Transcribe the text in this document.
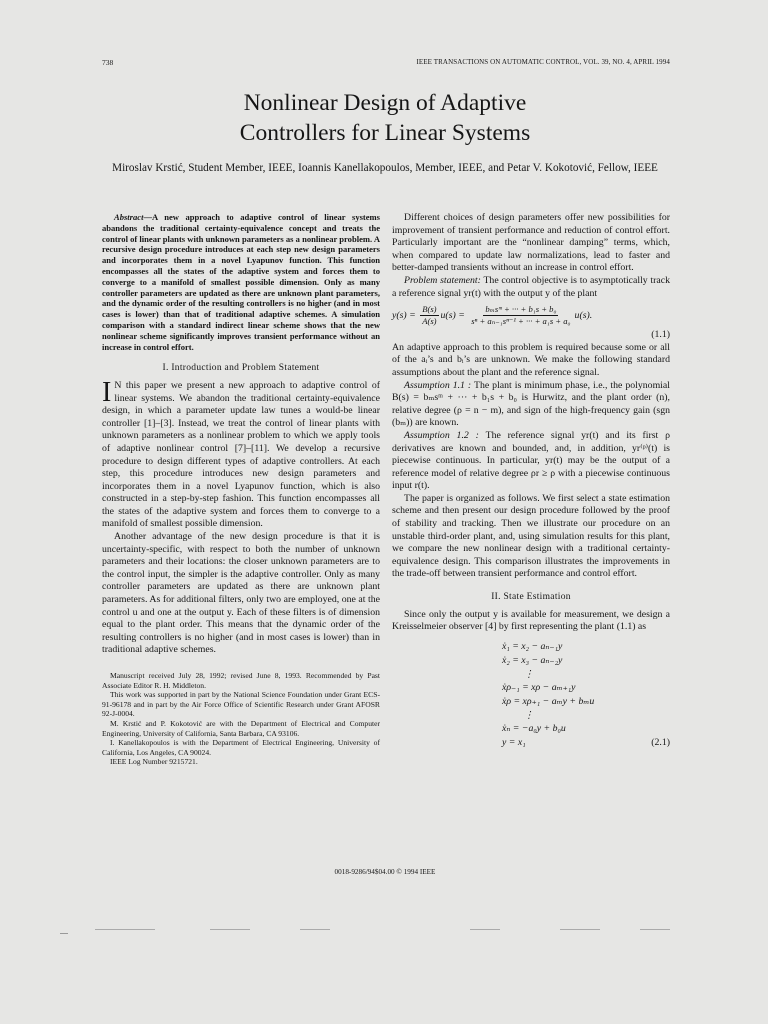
738	IEEE TRANSACTIONS ON AUTOMATIC CONTROL, VOL. 39, NO. 4, APRIL 1994
Nonlinear Design of Adaptive
Controllers for Linear Systems
Miroslav Krstić, Student Member, IEEE, Ioannis Kanellakopoulos, Member, IEEE, and Petar V. Kokotović, Fellow, IEEE

Abstract—A new approach to adaptive control of linear systems abandons the traditional certainty-equivalence concept and treats the control of linear plants with unknown parameters as a nonlinear problem. A recursive design procedure introduces at each step new design parameters and incorporates them in a novel Lyapunov function. This function encompasses all the states of the adaptive system and forces them to converge to a manifold of smallest possible dimension. Only as many controller parameters are updated as there are unknown plant parameters, and the dynamic order of the resulting controllers is no higher (and in most cases is lower) than that of traditional adaptive schemes. A simulation comparison with a standard indirect linear scheme shows that the new nonlinear scheme significantly improves transient performance without an increase in control effort.

I. Introduction and Problem Statement

I N this paper we present a new approach to adaptive control of linear systems. We abandon the traditional certainty-equivalence design, in which a parameter update law tunes a would-be linear controller [1]–[3]. Instead, we treat the control of linear plants with unknown parameters as a nonlinear problem to which we apply tools of adaptive nonlinear control [7]–[11]. We develop a recursive procedure to design different types of adaptive controllers. At each step, this procedure introduces new design parameters and incorporates them in a novel Lyapunov function, which is also constructed in a step-by-step fashion. This function encompasses all the states of the adaptive system and forces them to converge to a manifold of smallest possible dimension.

Another advantage of the new design procedure is that it is uncertainty-specific, with respect to both the number of unknown parameters and their locations: the closer unknown parameters are to the control input, the simpler is the adaptive controller. Only as many controller parameters are updated as there are unknown plant parameters. As for additional filters, only two are employed, one at the control u and one at the output y. Each of these filters is of dimension equal to the plant order. This means that the dynamic order of the resulting controllers is no higher (and in most cases is lower) than in traditional adaptive schemes.

Manuscript received July 28, 1992; revised June 8, 1993. Recommended by Past Associate Editor R. H. Middleton.

This work was supported in part by the National Science Foundation under Grant ECS-91-96178 and in part by the Air Force Office of Scientific Research under Grant AFOSR 92-J-0004.

M. Krstić and P. Kokotović are with the Department of Electrical and Computer Engineering, University of California, Santa Barbara, CA 93106.

I. Kanellakopoulos is with the Department of Electrical Engineering, University of California, Los Angeles, CA 90024.

IEEE Log Number 9215721.

Different choices of design parameters offer new possibilities for improvement of transient performance and reduction of control effort. Particularly important are the “nonlinear damping” terms, which, when compared to update law normalizations, lead to faster and better-damped transients without an increase in control effort.

Problem statement: The control objective is to asymptotically track a reference signal yr(t) with the output y of the plant

$y(s) = \frac{B(s)}{A(s)} u(s) = \frac{\text{bₘsᵐ + ··· + b₁s + b₀}}{\text{sⁿ + aₙ₋₁sⁿ⁻¹ + ··· + a₁s + a₀}} u(s)$.
(1.1)

An adaptive approach to this problem is required because some or all of the aᵢ’s and bᵢ’s are unknown. We make the following standard assumptions about the plant and the reference signal.

Assumption 1.1 : The plant is minimum phase, i.e., the polynomial B(s) = bₘsᵐ + ··· + b₁s + b₀ is Hurwitz, and the plant order (n), relative degree (ρ = n − m), and sign of the high-frequency gain (sgn (bₘ)) are known.

Assumption 1.2 : The reference signal yr(t) and its first ρ derivatives are known and bounded, and, in addition, yr⁽ᵖ⁾(t) is piecewise continuous. In particular, yr(t) may be the output of a reference model of relative degree ρr ≥ ρ with a piecewise continuous input r(t).

The paper is organized as follows. We first select a state estimation scheme and then present our design procedure followed by the proof of stability and tracking. Then we illustrate our procedure on an unstable third-order plant, and, using simulation results for this plant, we compare the new nonlinear design with a traditional certainty-equivalence design. This comparison illustrates the improvements in the trade-off between transient performance and control effort.

II. State Estimation

Since only the output y is available for measurement, we design a Kreisselmeier observer [4] by first representing the plant (1.1) as

ẋ₁ = x₂ − aₙ₋₁y
ẋ₂ = x₃ − aₙ₋₂y
⋮
ẋρ₋₁ = xρ − aₘ₊₁y
ẋρ = xρ₊₁ − aₘy + bₘu
⋮
ẋₙ = −a₀y + b₀u
y = x₁	(2.1)
0018-9286/94$04.00 © 1994 IEEE
